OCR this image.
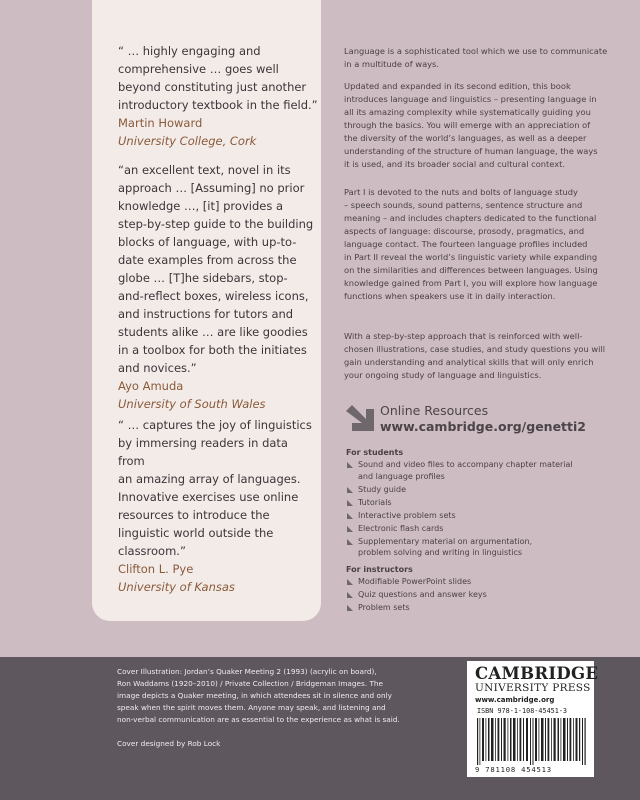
“ … highly engaging and
comprehensive … goes well
beyond constituting just another
introductory textbook in the field.”
Martin Howard
University College, Cork
“an excellent text, novel in its
approach … [Assuming] no prior
knowledge …, [it] provides a
step-by-step guide to the building
blocks of language, with up-to-
date examples from across the
globe … [T]he sidebars, stop-
and-reflect boxes, wireless icons,
and instructions for tutors and
students alike … are like goodies
in a toolbox for both the initiates
and novices.”
Ayo Amuda
University of South Wales
“ … captures the joy of linguistics
by immersing readers in data from
an amazing array of languages.
Innovative exercises use online
resources to introduce the
linguistic world outside the
classroom.”
Clifton L. Pye
University of Kansas
Language is a sophisticated tool which we use to communicate
in a multitude of ways.
Updated and expanded in its second edition, this book
introduces language and linguistics – presenting language in
all its amazing complexity while systematically guiding you
through the basics. You will emerge with an appreciation of
the diversity of the world’s languages, as well as a deeper
understanding of the structure of human language, the ways
it is used, and its broader social and cultural context.
Part I is devoted to the nuts and bolts of language study
– speech sounds, sound patterns, sentence structure and
meaning – and includes chapters dedicated to the functional
aspects of language: discourse, prosody, pragmatics, and
language contact. The fourteen language profiles included
in Part II reveal the world’s linguistic variety while expanding
on the similarities and differences between languages. Using
knowledge gained from Part I, you will explore how language
functions when speakers use it in daily interaction.
With a step-by-step approach that is reinforced with well-
chosen illustrations, case studies, and study questions you will
gain understanding and analytical skills that will only enrich
your ongoing study of language and linguistics.
Online Resources
www.cambridge.org/genetti2
For students
Sound and video files to accompany chapter material
and language profiles
Study guide
Tutorials
Interactive problem sets
Electronic flash cards
Supplementary material on argumentation,
problem solving and writing in linguistics
For instructors
Modifiable PowerPoint slides
Quiz questions and answer keys
Problem sets
Cover Illustration: Jordan’s Quaker Meeting 2 (1993) (acrylic on board),
Ron Waddams (1920–2010) / Private Collection / Bridgeman Images. The
image depicts a Quaker meeting, in which attendees sit in silence and only
speak when the spirit moves them. Anyone may speak, and listening and
non-verbal communication are as essential to the experience as what is said.
Cover designed by Rob Lock
CAMBRIDGE
UNIVERSITY PRESS
www.cambridge.org
ISBN 978-1-108-45451-3
9 781108 454513
